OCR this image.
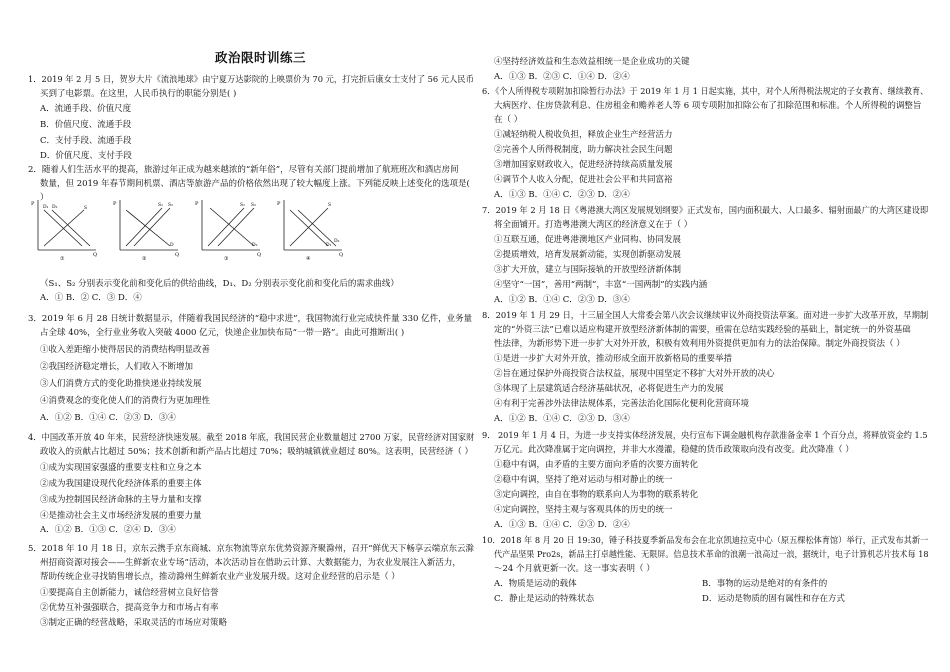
政治限时训练三
1．2019 年 2 月 5 日，贺岁大片《流浪地球》由宁夏万达影院的上映票价为 70 元，打完折后康女士支付了 56 元人民币
买到了电影票。在这里，人民币执行的职能分别是( )
A．流通手段、价值尺度
B．价值尺度、流通手段
C．支付手段、流通手段
D．价值尺度、支付手段
2．随着人们生活水平的提高，旅游过年正成为越来越浓的“新年俗”，尽管有关部门提前增加了航班班次和酒店房间
数量，但 2019 年春节期间机票、酒店等旅游产品的价格依然出现了较大幅度上涨。下列能反映上述变化的选项是(
）
（S₁、S₂ 分别表示变化前和变化后的供给曲线，D₁、D₂ 分别表示变化前和变化后的需求曲线）
A．① B．② C．③ D．④
3．2019 年 6 月 28 日统计数据显示，伴随着我国民经济的“稳中求进”，我国物流行业完成快件量 330 亿件，业务量
占全球 40%，全行业业务收入突破 4000 亿元，快递企业加快布局“一带一路”。由此可推断出( )
①收入差距缩小使得居民的消费结构明显改善
②我国经济稳定增长，人们收入不断增加
③人们消费方式的变化助推快递业持续发展
④消费观念的变化使人们的消费行为更加理性
A．①② B．①④ C．②③ D．③④
4．中国改革开放 40 年来，民营经济快速发展。截至 2018 年底，我国民营企业数量超过 2700 万家，民营经济对国家财
政收入的贡献占比超过 50%；技术创新和新产品占比超过 70%；吸纳城镇就业超过 80%。这表明，民营经济（ ）
①成为实现国家强盛的重要支柱和立身之本
②成为我国建设现代化经济体系的重要主体
③成为控制国民经济命脉的主导力量和支撑
④是推动社会主义市场经济发展的重要力量
A．①② B．①③ C．②④ D．③④
5．2018 年 10 月 18 日，京东云携手京东商城、京东物流等京东优势资源齐聚滁州，召开“鲜优天下畅享云端京东云滁
州招商资源对接会——生鲜新农业专场”活动，本次活动旨在借助云计算、大数据能力，为农业发展注入新活力，
帮助传统企业寻找销售增长点，推动滁州生鲜新农业产业发展升级。这对企业经营的启示是（ ）
①要提高自主创新能力，诚信经营树立良好信誉
②优势互补强强联合，提高竞争力和市场占有率
③制定正确的经营战略，采取灵活的市场应对策略
④坚持经济效益和生态效益相统一是企业成功的关键
A．①③ B．②③ C．①④ D．②④
6．《个人所得税专项附加扣除暂行办法》于 2019 年 1 月 1 日起实施，其中，对个人所得税法规定的子女教育、继续教育、
大病医疗、住房贷款利息、住房租金和赡养老人等 6 项专项附加扣除公布了扣除范围和标准。个人所得税的调整旨
在（ ）
①减轻纳税人税收负担，释放企业生产经营活力
②完善个人所得税制度，助力解决社会民生问题
③增加国家财政收入，促进经济持续高质量发展
④调节个人收入分配，促进社会公平和共同富裕
A．①③ B．①④ C．②③ D．②④
7．2019 年 2 月 18 日《粤港澳大湾区发展规划纲要》正式发布，国内面积最大、人口最多、辐射面最广的大湾区建设即
将全面铺开。打造粤港澳大湾区的经济意义在于（ ）
①互联互通，促进粤港澳地区产业同构、协同发展
②提质增效，培育发展新动能，实现创新驱动发展
③扩大开放，建立与国际接轨的开放型经济新体制
④坚守“一国”，善用“两制”，丰富“一国两制”的实践内涵
A．①② B．①④ C．②③ D．③④
8．2019 年 1 月 29 日，十三届全国人大常委会第八次会议继续审议外商投资法草案。面对进一步扩大改革开放，早期制
定的“外资三法”已难以适应构建开放型经济新体制的需要，亟需在总结实践经验的基础上，制定统一的外资基础
性法律，为新形势下进一步扩大对外开放，积极有效利用外资提供更加有力的法治保障。制定外商投资法（ ）
①是进一步扩大对外开放，推动形成全面开放新格局的重要举措
②旨在通过保护外商投资合法权益，展现中国坚定不移扩大对外开放的决心
③体现了上层建筑适合经济基础状况，必将促进生产力的发展
④有利于完善涉外法律法规体系，完善法治化国际化便利化营商环境
A．①② B．①④ C．②③ D．③④
9． 2019 年 1 月 4 日，为进一步支持实体经济发展，央行宣布下调金融机构存款准备金率 1 个百分点，将释放资金约 1.5
万亿元。此次降准属于定向调控，并非大水漫灌，稳健的货币政策取向没有改变。此次降准（ ）
①稳中有调，由矛盾的主要方面向矛盾的次要方面转化
②稳中有调，坚持了绝对运动与相对静止的统一
③定向调控，由自在事物的联系向人为事物的联系转化
④定向调控，坚持主观与客观具体的历史的统一
A．①③ B．①④ C．②③ D．②④
10．2018 年 8 月 20 日 19:30，锤子科技夏季新品发布会在北京凯迪拉克中心（原五棵松体育馆）举行，正式发布其新一
代产品坚果 Pro2s，新品主打卓越性能、无限屏。信息技术革命的浪潮一浪高过一浪，据统计，电子计算机芯片技术每 18
～24 个月就更新一次。这一事实表明（ ）
A．物质是运动的载体	B．事物的运动是绝对的有条件的
C．静止是运动的特殊状态	D．运动是物质的固有属性和存在方式
P
Q
D₁ D₂	S
①
P
Q
S₁ S₂
D
②
P
Q
S₁ S₂
D₂
③
P
Q
S
D₁
D₂
④
